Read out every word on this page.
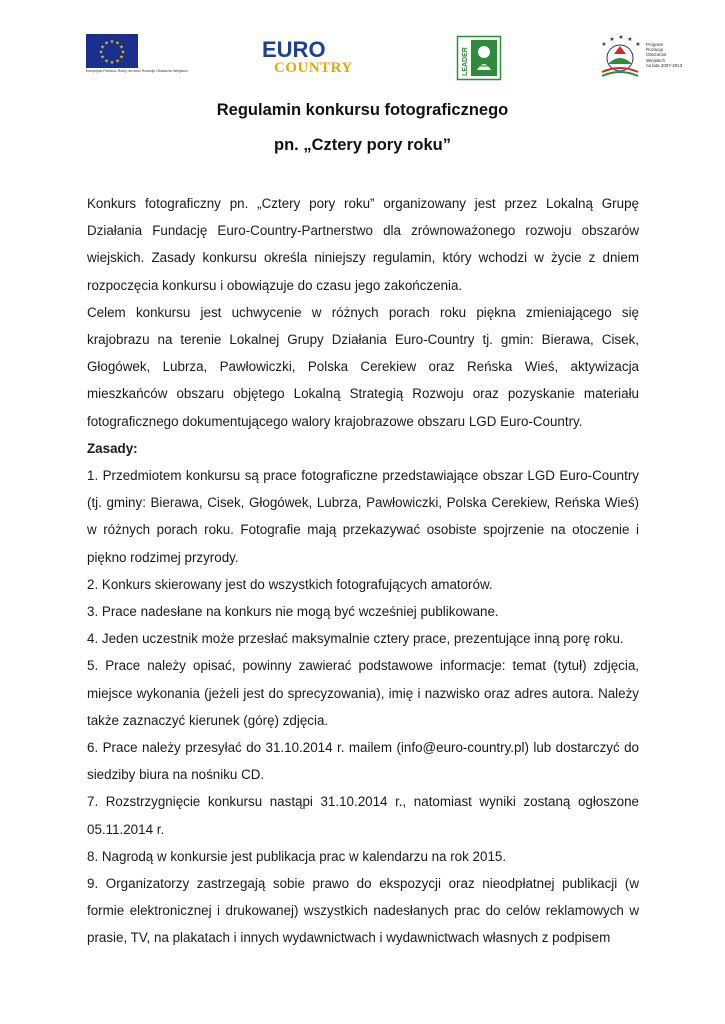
★ ★
★
★
★
★
★
★
★
★
★
★
Europejski Fundusz Rolny na rzecz Rozwoju Obszarów Wiejskich
EURO
COUNTRY	LEADER
★
★ ★ ★
★ Program
Rozwoju
Obszarów
Wiejskich
na lata 2007-2013
Regulamin konkursu fotograficznego
pn. „Cztery pory roku”

Konkurs fotograficzny pn. „Cztery pory roku” organizowany jest przez Lokalną Grupę Działania Fundację Euro-Country-Partnerstwo dla zrównoważonego rozwoju obszarów wiejskich. Zasady konkursu określa niniejszy regulamin, który wchodzi w życie z dniem rozpoczęcia konkursu i obowiązuje do czasu jego zakończenia.

Celem konkursu jest uchwycenie w różnych porach roku piękna zmieniającego się krajobrazu na terenie Lokalnej Grupy Działania Euro-Country tj. gmin: Bierawa, Cisek, Głogówek, Lubrza, Pawłowiczki, Polska Cerekiew oraz Reńska Wieś, aktywizacja mieszkańców obszaru objętego Lokalną Strategią Rozwoju oraz pozyskanie materiału fotograficznego dokumentującego walory krajobrazowe obszaru LGD Euro-Country.

Zasady:

1. Przedmiotem konkursu są prace fotograficzne przedstawiające obszar LGD Euro-Country (tj. gminy: Bierawa, Cisek, Głogówek, Lubrza, Pawłowiczki, Polska Cerekiew, Reńska Wieś) w różnych porach roku. Fotografie mają przekazywać osobiste spojrzenie na otoczenie i piękno rodzimej przyrody.

2. Konkurs skierowany jest do wszystkich fotografujących amatorów.

3. Prace nadesłane na konkurs nie mogą być wcześniej publikowane.

4. Jeden uczestnik może przesłać maksymalnie cztery prace, prezentujące inną porę roku.

5. Prace należy opisać, powinny zawierać podstawowe informacje: temat (tytuł) zdjęcia, miejsce wykonania (jeżeli jest do sprecyzowania), imię i nazwisko oraz adres autora. Należy także zaznaczyć kierunek (górę) zdjęcia.

6. Prace należy przesyłać do 31.10.2014 r. mailem (info@euro-country.pl) lub dostarczyć do siedziby biura na nośniku CD.

7. Rozstrzygnięcie konkursu nastąpi 31.10.2014 r., natomiast wyniki zostaną ogłoszone 05.11.2014 r.

8. Nagrodą w konkursie jest publikacja prac w kalendarzu na rok 2015.

9. Organizatorzy zastrzegają sobie prawo do ekspozycji oraz nieodpłatnej publikacji (w formie elektronicznej i drukowanej) wszystkich nadesłanych prac do celów reklamowych w prasie, TV, na plakatach i innych wydawnictwach i wydawnictwach własnych z podpisem
